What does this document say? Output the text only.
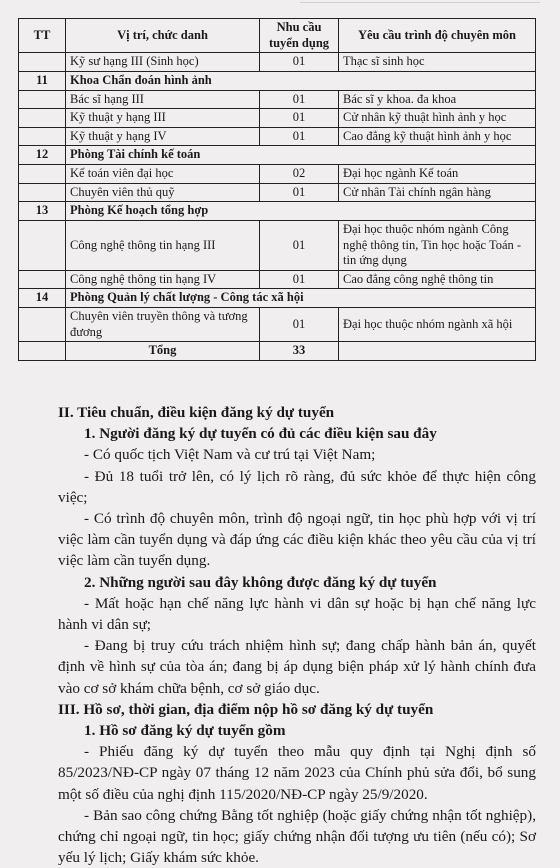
TT	Vị trí, chức danh	Nhu cầu tuyển dụng	Yêu cầu trình độ chuyên môn
	Kỹ sư hạng III (Sinh học)	01	Thạc sĩ sinh học
11	Khoa Chẩn đoán hình ảnh		
	Bác sĩ hạng III	01	Bác sĩ y khoa. đa khoa
	Kỹ thuật y hạng III	01	Cử nhân kỹ thuật hình ảnh y học
	Kỹ thuật y hạng IV	01	Cao đẳng kỹ thuật hình ảnh y học
12	Phòng Tài chính kế toán		
	Kế toán viên đại học	02	Đại học ngành Kế toán
	Chuyên viên thủ quỹ	01	Cử nhân Tài chính ngân hàng
13	Phòng Kế hoạch tổng hợp		
	Công nghệ thông tin hạng III	01	Đại học thuộc nhóm ngành Công nghệ thông tin, Tin học hoặc Toán -tin ứng dụng
	Công nghệ thông tin hạng IV	01	Cao đẳng công nghệ thông tin
14	Phòng Quản lý chất lượng - Công tác xã hội		
	Chuyên viên truyền thông và tương đương	01	Đại học thuộc nhóm ngành xã hội
	Tổng	33	

II. Tiêu chuẩn, điều kiện đăng ký dự tuyển

1. Người đăng ký dự tuyển có đủ các điều kiện sau đây

- Có quốc tịch Việt Nam và cư trú tại Việt Nam;

- Đủ 18 tuổi trở lên, có lý lịch rõ ràng, đủ sức khỏe để thực hiện công việc;

- Có trình độ chuyên môn, trình độ ngoại ngữ, tin học phù hợp với vị trí việc làm cần tuyển dụng và đáp ứng các điều kiện khác theo yêu cầu của vị trí việc làm cần tuyển dụng.

2. Những người sau đây không được đăng ký dự tuyển

- Mất hoặc hạn chế năng lực hành vi dân sự hoặc bị hạn chế năng lực hành vi dân sự;

- Đang bị truy cứu trách nhiệm hình sự; đang chấp hành bản án, quyết định về hình sự của tòa án; đang bị áp dụng biện pháp xử lý hành chính đưa vào cơ sở khám chữa bệnh, cơ sở giáo dục.

III. Hồ sơ, thời gian, địa điểm nộp hồ sơ đăng ký dự tuyển

1. Hồ sơ đăng ký dự tuyển gồm

- Phiếu đăng ký dự tuyển theo mẫu quy định tại Nghị định số 85/2023/NĐ-CP ngày 07 tháng 12 năm 2023 của Chính phủ sửa đổi, bổ sung một số điều của nghị định 115/2020/NĐ-CP ngày 25/9/2020.

- Bản sao công chứng Bằng tốt nghiệp (hoặc giấy chứng nhận tốt nghiệp), chứng chỉ ngoại ngữ, tin học; giấy chứng nhận đối tượng ưu tiên (nếu có); Sơ yếu lý lịch; Giấy khám sức khỏe.
